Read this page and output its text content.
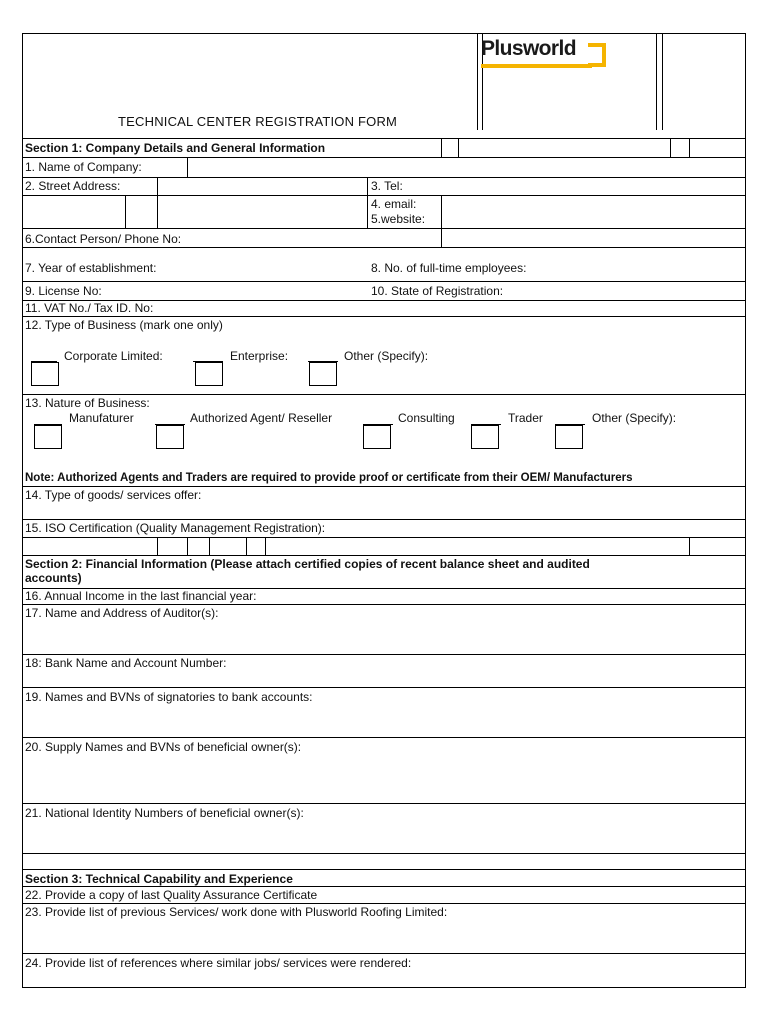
Plusworld
TECHNICAL CENTER REGISTRATION FORM
Section 1: Company Details and General Information
1. Name of Company:
2. Street Address:	3. Tel:
4. email:
5.website:
6.Contact Person/ Phone No:
7. Year of establishment:	8. No. of full-time employees:
9. License No:	10. State of Registration:
11. VAT No./ Tax ID. No:
12. Type of Business (mark one only)
Corporate Limited:	Enterprise:	Other (Specify):
13. Nature of Business:
Manufaturer	Authorized Agent/ Reseller	Consulting	Trader	Other (Specify):
Note: Authorized Agents and Traders are required to provide proof or certificate from their OEM/ Manufacturers
14. Type of goods/ services offer:
15. ISO Certification (Quality Management Registration):
Section 2: Financial Information (Please attach certified copies of recent balance sheet and audited
accounts)
16. Annual Income in the last financial year:
17. Name and Address of Auditor(s):
18: Bank Name and Account Number:
19. Names and BVNs of signatories to bank accounts:
20. Supply Names and BVNs of beneficial owner(s):
21. National Identity Numbers of beneficial owner(s):
Section 3: Technical Capability and Experience
22. Provide a copy of last Quality Assurance Certificate
23. Provide list of previous Services/ work done with Plusworld Roofing Limited:
24. Provide list of references where similar jobs/ services were rendered:
